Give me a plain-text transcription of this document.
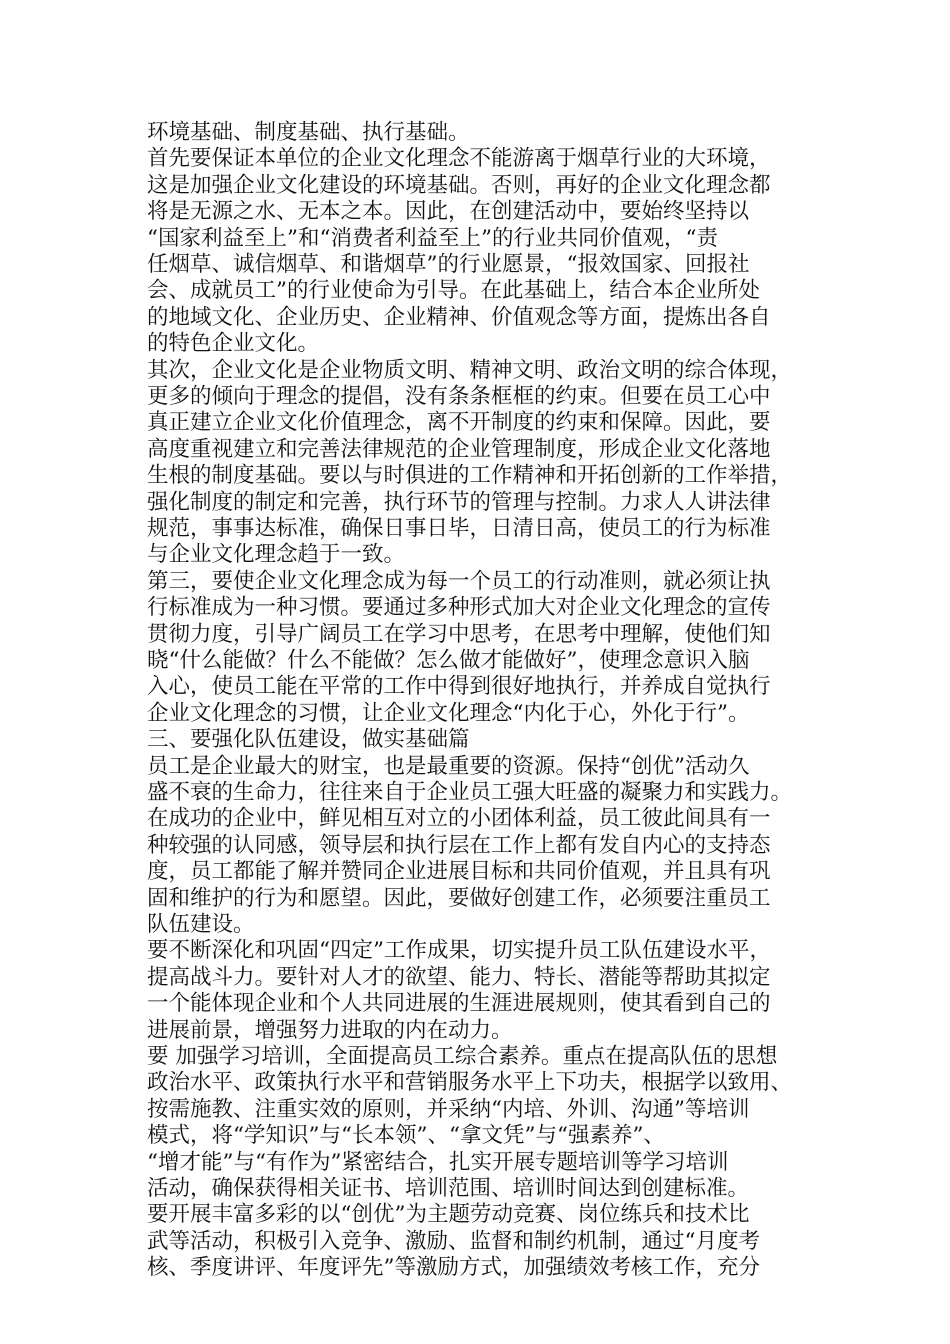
环境基础、制度基础、执行基础。
首先要保证本单位的企业文化理念不能游离于烟草行业的大环境，
这是加强企业文化建设的环境基础。否则，再好的企业文化理念都
将是无源之水、无本之本。因此，在创建活动中，要始终坚持以
“国家利益至上”和“消费者利益至上”的行业共同价值观，“责
任烟草、诚信烟草、和谐烟草”的行业愿景，“报效国家、回报社
会、成就员工”的行业使命为引导。在此基础上，结合本企业所处
的地域文化、企业历史、企业精神、价值观念等方面，提炼出各自
的特色企业文化。
其次，企业文化是企业物质文明、精神文明、政治文明的综合体现，
更多的倾向于理念的提倡，没有条条框框的约束。但要在员工心中
真正建立企业文化价值理念，离不开制度的约束和保障。因此，要
高度重视建立和完善法律规范的企业管理制度，形成企业文化落地
生根的制度基础。要以与时俱进的工作精神和开拓创新的工作举措，
强化制度的制定和完善，执行环节的管理与控制。力求人人讲法律
规范，事事达标准，确保日事日毕，日清日高，使员工的行为标准
与企业文化理念趋于一致。
第三，要使企业文化理念成为每一个员工的行动准则，就必须让执
行标准成为一种习惯。要通过多种形式加大对企业文化理念的宣传
贯彻力度，引导广阔员工在学习中思考，在思考中理解，使他们知
晓“什么能做？什么不能做？怎么做才能做好”，使理念意识入脑
入心，使员工能在平常的工作中得到很好地执行，并养成自觉执行
企业文化理念的习惯，让企业文化理念“内化于心，外化于行”。
三、要强化队伍建设，做实基础篇
员工是企业最大的财宝，也是最重要的资源。保持“创优”活动久
盛不衰的生命力，往往来自于企业员工强大旺盛的凝聚力和实践力。
在成功的企业中，鲜见相互对立的小团体利益，员工彼此间具有一
种较强的认同感，领导层和执行层在工作上都有发自内心的支持态
度，员工都能了解并赞同企业进展目标和共同价值观，并且具有巩
固和维护的行为和愿望。因此，要做好创建工作，必须要注重员工
队伍建设。
要不断深化和巩固“四定”工作成果，切实提升员工队伍建设水平，
提高战斗力。要针对人才的欲望、能力、特长、潜能等帮助其拟定
一个能体现企业和个人共同进展的生涯进展规则，使其看到自己的
进展前景，增强努力进取的内在动力。
要 加强学习培训，全面提高员工综合素养。重点在提高队伍的思想
政治水平、政策执行水平和营销服务水平上下功夫，根据学以致用、
按需施教、注重实效的原则，并采纳“内培、外训、沟通”等培训
模式，将“学知识”与“长本领”、“拿文凭”与“强素养”、
“增才能”与“有作为”紧密结合，扎实开展专题培训等学习培训
活动，确保获得相关证书、培训范围、培训时间达到创建标准。
要开展丰富多彩的以“创优”为主题劳动竞赛、岗位练兵和技术比
武等活动，积极引入竞争、激励、监督和制约机制，通过“月度考
核、季度讲评、年度评先”等激励方式，加强绩效考核工作，充分
